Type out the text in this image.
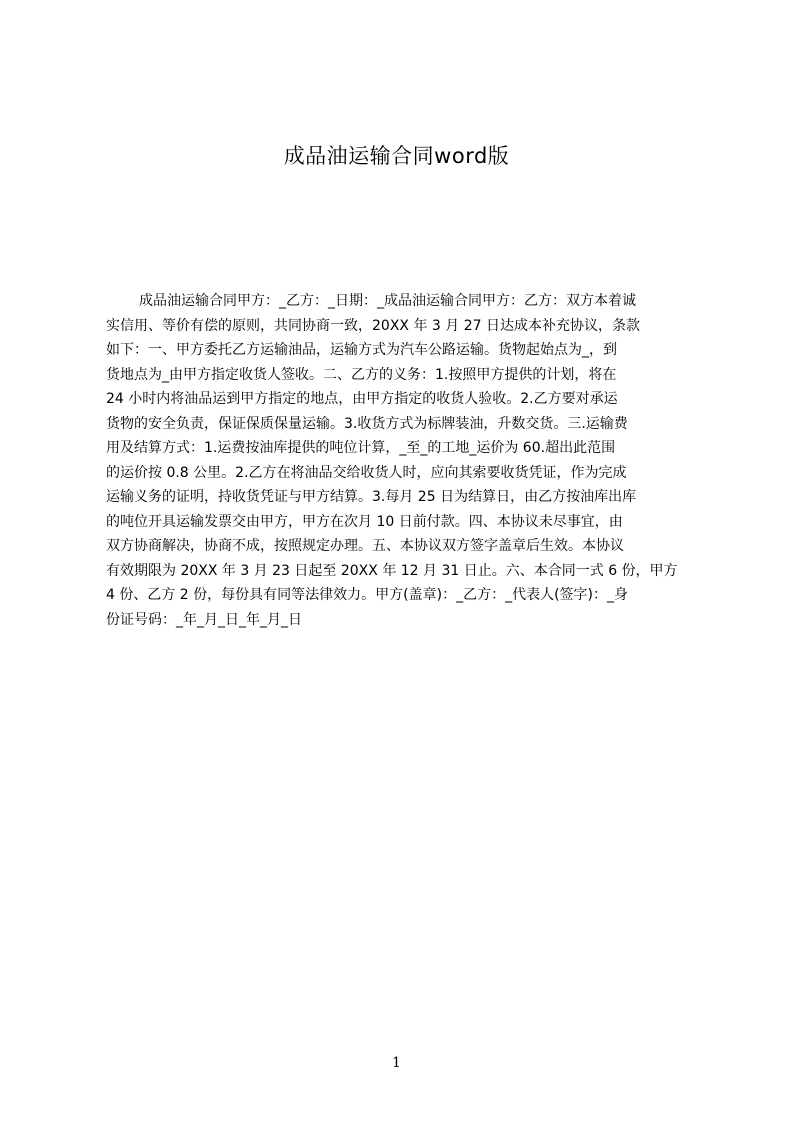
成品油运输合同word版
成品油运输合同甲方：_乙方：_日期：_成品油运输合同甲方：乙方：双方本着诚
实信用、等价有偿的原则，共同协商一致，20XX 年 3 月 27 日达成本补充协议，条款
如下：一、甲方委托乙方运输油品，运输方式为汽车公路运输。货物起始点为_，到
货地点为_由甲方指定收货人签收。二、乙方的义务：1.按照甲方提供的计划，将在
24 小时内将油品运到甲方指定的地点，由甲方指定的收货人验收。2.乙方要对承运
货物的安全负责，保证保质保量运输。3.收货方式为标牌装油，升数交货。三.运输费
用及结算方式：1.运费按油库提供的吨位计算，_至_的工地_运价为 60.超出此范围
的运价按 0.8 公里。2.乙方在将油品交给收货人时，应向其索要收货凭证，作为完成
运输义务的证明，持收货凭证与甲方结算。3.每月 25 日为结算日，由乙方按油库出库
的吨位开具运输发票交由甲方，甲方在次月 10 日前付款。四、本协议未尽事宜，由
双方协商解决，协商不成，按照规定办理。五、本协议双方签字盖章后生效。本协议
有效期限为 20XX 年 3 月 23 日起至 20XX 年 12 月 31 日止。六、本合同一式 6 份，甲方
4 份、乙方 2 份，每份具有同等法律效力。甲方(盖章)：_乙方：_代表人(签字)：_身
份证号码：_年_月_日_年_月_日
1
